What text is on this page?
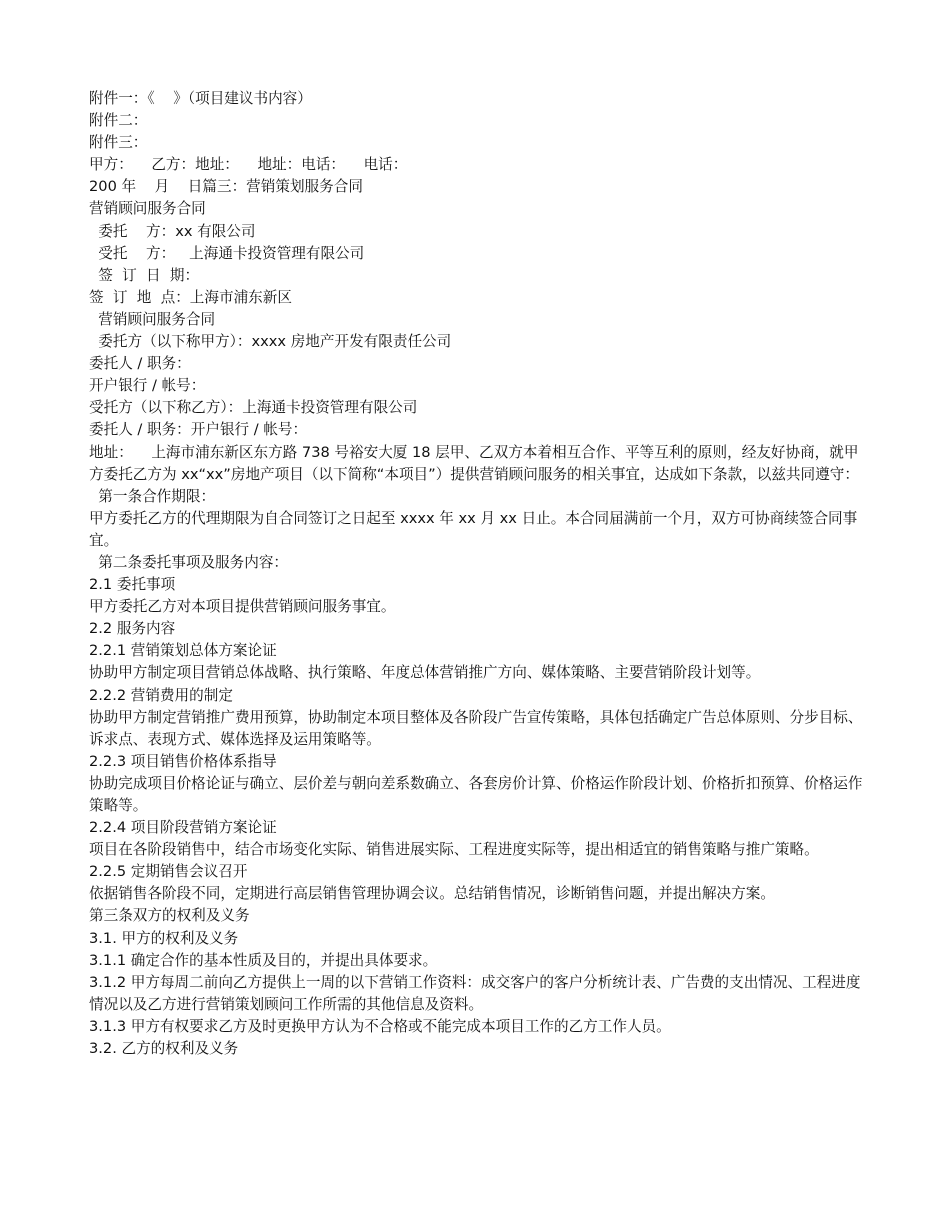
附件一：《    》（项目建议书内容）

附件二：

附件三：

甲方：    乙方：地址：    地址：电话：    电话：

200 年    月    日篇三：营销策划服务合同

营销顾问服务合同

委托    方：xx 有限公司

受托    方：   上海通卡投资管理有限公司

签  订  日  期：

签  订  地  点：上海市浦东新区

营销顾问服务合同

委托方（以下称甲方）：xxxx 房地产开发有限责任公司

委托人 / 职务：

开户银行 / 帐号：

受托方（以下称乙方）：上海通卡投资管理有限公司

委托人 / 职务：开户银行 / 帐号：

地址：    上海市浦东新区东方路 738 号裕安大厦 18 层甲、乙双方本着相互合作、平等互利的原则，经友好协商，就甲方委托乙方为 xx“xx”房地产项目（以下简称“本项目”）提供营销顾问服务的相关事宜，达成如下条款，以兹共同遵守：

第一条合作期限：

甲方委托乙方的代理期限为自合同签订之日起至 xxxx 年 xx 月 xx 日止。本合同届满前一个月，双方可协商续签合同事宜。

第二条委托事项及服务内容：

2.1 委托事项

甲方委托乙方对本项目提供营销顾问服务事宜。

2.2 服务内容

2.2.1 营销策划总体方案论证

协助甲方制定项目营销总体战略、执行策略、年度总体营销推广方向、媒体策略、主要营销阶段计划等。

2.2.2 营销费用的制定

协助甲方制定营销推广费用预算，协助制定本项目整体及各阶段广告宣传策略，具体包括确定广告总体原则、分步目标、诉求点、表现方式、媒体选择及运用策略等。

2.2.3 项目销售价格体系指导

协助完成项目价格论证与确立、层价差与朝向差系数确立、各套房价计算、价格运作阶段计划、价格折扣预算、价格运作策略等。

2.2.4 项目阶段营销方案论证

项目在各阶段销售中，结合市场变化实际、销售进展实际、工程进度实际等，提出相适宜的销售策略与推广策略。

2.2.5 定期销售会议召开

依据销售各阶段不同，定期进行高层销售管理协调会议。总结销售情况，诊断销售问题，并提出解决方案。

第三条双方的权利及义务

3.1. 甲方的权利及义务

3.1.1 确定合作的基本性质及目的，并提出具体要求。

3.1.2 甲方每周二前向乙方提供上一周的以下营销工作资料：成交客户的客户分析统计表、广告费的支出情况、工程进度情况以及乙方进行营销策划顾问工作所需的其他信息及资料。

3.1.3 甲方有权要求乙方及时更换甲方认为不合格或不能完成本项目工作的乙方工作人员。

3.2. 乙方的权利及义务
